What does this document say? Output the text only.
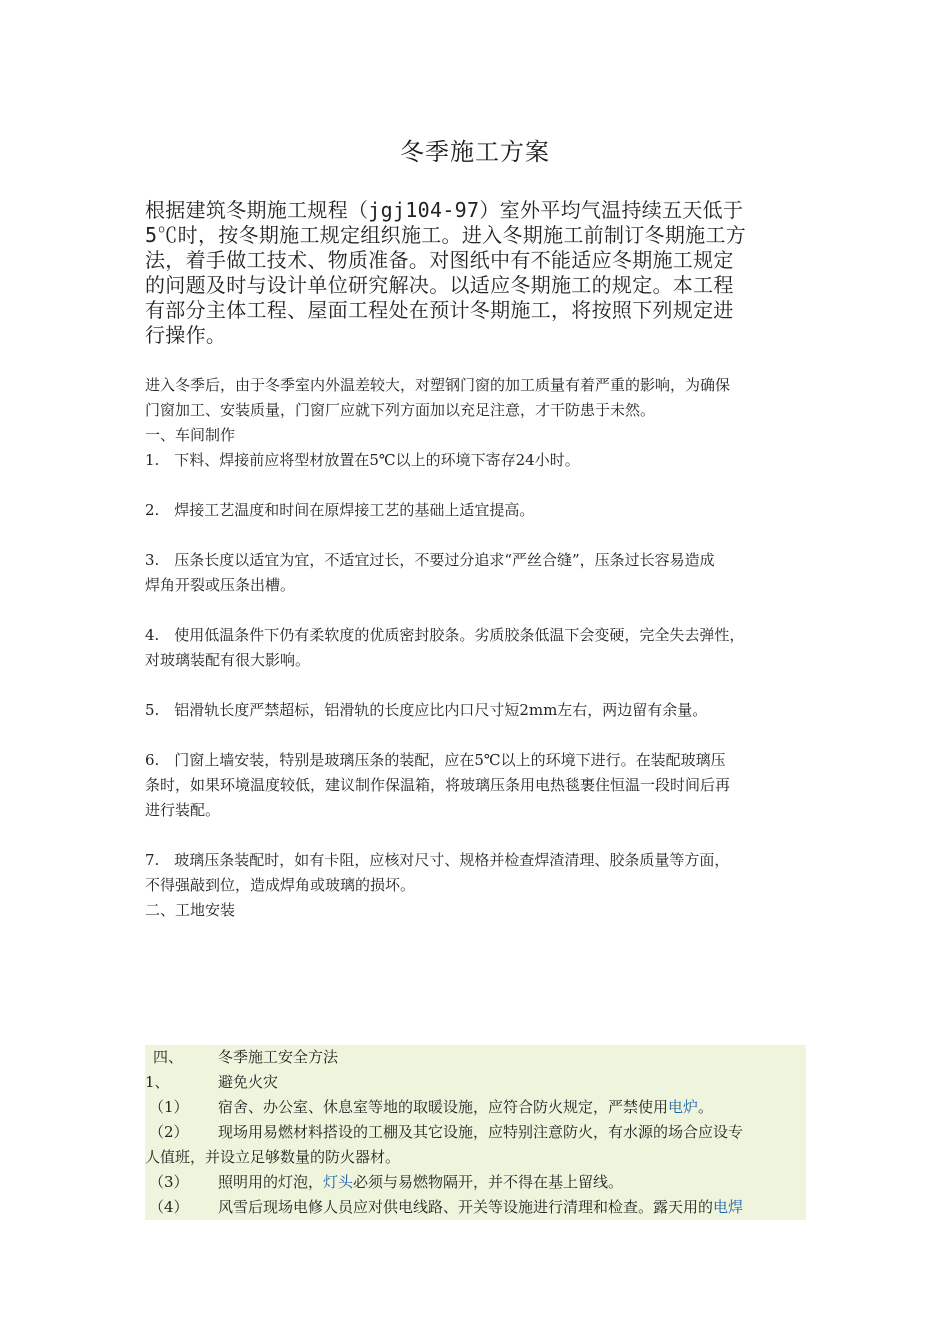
冬季施工方案
根据建筑冬期施工规程（jgj104-97）室外平均气温持续五天低于
5℃时，按冬期施工规定组织施工。进入冬期施工前制订冬期施工方
法，着手做工技术、物质准备。对图纸中有不能适应冬期施工规定
的问题及时与设计单位研究解决。以适应冬期施工的规定。本工程
有部分主体工程、屋面工程处在预计冬期施工，将按照下列规定进
行操作。
进入冬季后，由于冬季室内外温差较大，对塑钢门窗的加工质量有着严重的影响，为确保
门窗加工、安装质量，门窗厂应就下列方面加以充足注意，才干防患于未然。
一、车间制作
1.　下料、焊接前应将型材放置在5℃以上的环境下寄存24小时。
2.　焊接工艺温度和时间在原焊接工艺的基础上适宜提高。
3.　压条长度以适宜为宜，不适宜过长，不要过分追求“严丝合缝”，压条过长容易造成
焊角开裂或压条出槽。
4.　使用低温条件下仍有柔软度的优质密封胶条。劣质胶条低温下会变硬，完全失去弹性，
对玻璃装配有很大影响。
5.　铝滑轨长度严禁超标，铝滑轨的长度应比内口尺寸短2mm左右，两边留有余量。
6.　门窗上墙安装，特别是玻璃压条的装配，应在5℃以上的环境下进行。在装配玻璃压
条时，如果环境温度较低，建议制作保温箱，将玻璃压条用电热毯裹住恒温一段时间后再
进行装配。
7.　玻璃压条装配时，如有卡阻，应核对尺寸、规格并检查焊渣清理、胶条质量等方面，
不得强敲到位，造成焊角或玻璃的损坏。
二、工地安装
四、 冬季施工安全方法
1、	避免火灾
（1） 宿舍、办公室、休息室等地的取暖设施，应符合防火规定，严禁使用电炉。
（2） 现场用易燃材料搭设的工棚及其它设施，应特别注意防火，有水源的场合应设专
人值班，并设立足够数量的防火器材。
（3） 照明用的灯泡，灯头必须与易燃物隔开，并不得在基上留线。
（4） 风雪后现场电修人员应对供电线路、开关等设施进行清理和检查。露天用的电焊
